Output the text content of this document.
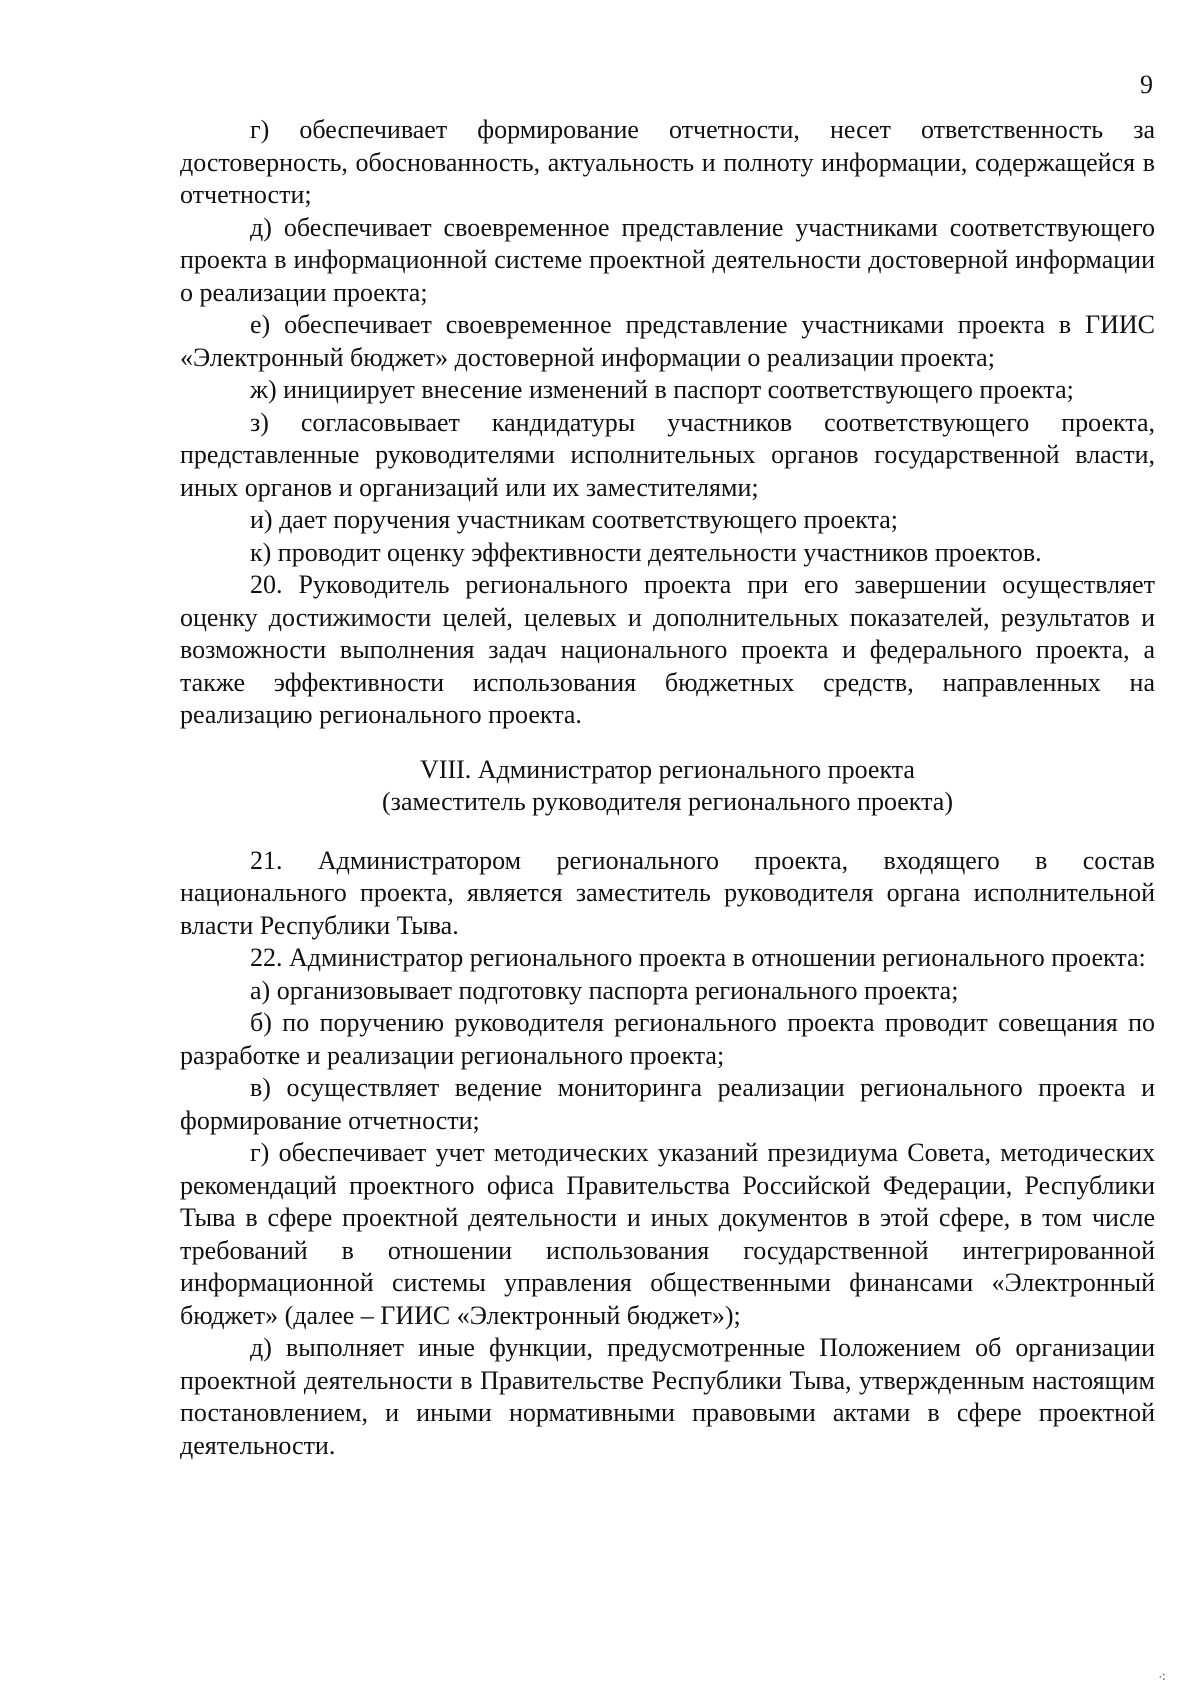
9

г) обеспечивает формирование отчетности, несет ответственность за достоверность, обоснованность, актуальность и полноту информации, содержащейся в отчетности;

д) обеспечивает своевременное представление участниками соответствующего проекта в информационной системе проектной деятельности достоверной информации о реализации проекта;

е) обеспечивает своевременное представление участниками проекта в ГИИС «Электронный бюджет» достоверной информации о реализации проекта;

ж) инициирует внесение изменений в паспорт соответствующего проекта;

з) согласовывает кандидатуры участников соответствующего проекта, представленные руководителями исполнительных органов государственной власти, иных органов и организаций или их заместителями;

и) дает поручения участникам соответствующего проекта;

к) проводит оценку эффективности деятельности участников проектов.

20. Руководитель регионального проекта при его завершении осуществляет оценку достижимости целей, целевых и дополнительных показателей, результатов и возможности выполнения задач национального проекта и федерального проекта, а также эффективности использования бюджетных средств, направленных на реализацию регионального проекта.

VIII. Администратор регионального проекта
(заместитель руководителя регионального проекта)

21. Администратором регионального проекта, входящего в состав национального проекта, является заместитель руководителя органа исполнительной власти Республики Тыва.

22. Администратор регионального проекта в отношении регионального проекта:

а) организовывает подготовку паспорта регионального проекта;

б) по поручению руководителя регионального проекта проводит совещания по разработке и реализации регионального проекта;

в) осуществляет ведение мониторинга реализации регионального проекта и формирование отчетности;

г) обеспечивает учет методических указаний президиума Совета, методических рекомендаций проектного офиса Правительства Российской Федерации, Республики Тыва в сфере проектной деятельности и иных документов в этой сфере, в том числе требований в отношении использования государственной интегрированной информационной системы управления общественными финансами «Электронный бюджет» (далее – ГИИС «Электронный бюджет»);

д) выполняет иные функции, предусмотренные Положением об организации проектной деятельности в Правительстве Республики Тыва, утвержденным настоящим постановлением, и иными нормативными правовыми актами в сфере проектной деятельности.

⁖
